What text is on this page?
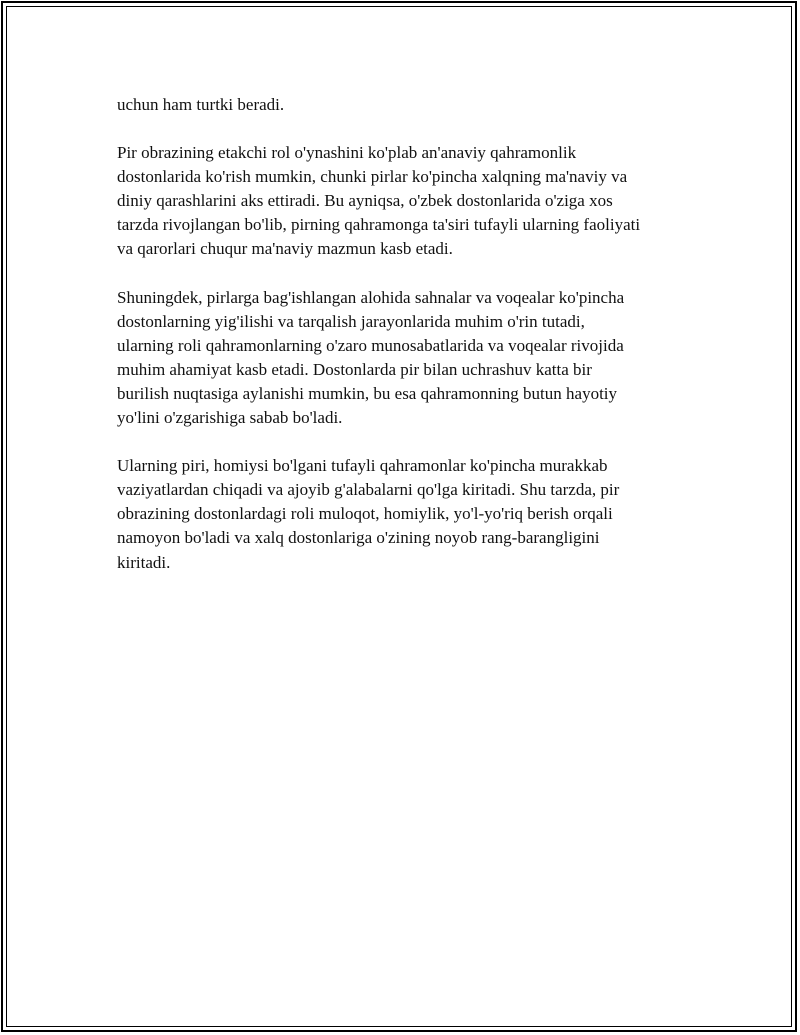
uchun ham turtki beradi.

Pir obrazining etakchi rol o'ynashini ko'plab an'anaviy qahramonlik
dostonlarida ko'rish mumkin, chunki pirlar ko'pincha xalqning ma'naviy va
diniy qarashlarini aks ettiradi. Bu ayniqsa, o'zbek dostonlarida o'ziga xos
tarzda rivojlangan bo'lib, pirning qahramonga ta'siri tufayli ularning faoliyati
va qarorlari chuqur ma'naviy mazmun kasb etadi.

Shuningdek, pirlarga bag'ishlangan alohida sahnalar va voqealar ko'pincha
dostonlarning yig'ilishi va tarqalish jarayonlarida muhim o'rin tutadi,
ularning roli qahramonlarning o'zaro munosabatlarida va voqealar rivojida
muhim ahamiyat kasb etadi. Dostonlarda pir bilan uchrashuv katta bir
burilish nuqtasiga aylanishi mumkin, bu esa qahramonning butun hayotiy
yo'lini o'zgarishiga sabab bo'ladi.

Ularning piri, homiysi bo'lgani tufayli qahramonlar ko'pincha murakkab
vaziyatlardan chiqadi va ajoyib g'alabalarni qo'lga kiritadi. Shu tarzda, pir
obrazining dostonlardagi roli muloqot, homiylik, yo'l-yo'riq berish orqali
namoyon bo'ladi va xalq dostonlariga o'zining noyob rang-barangligini
kiritadi.
